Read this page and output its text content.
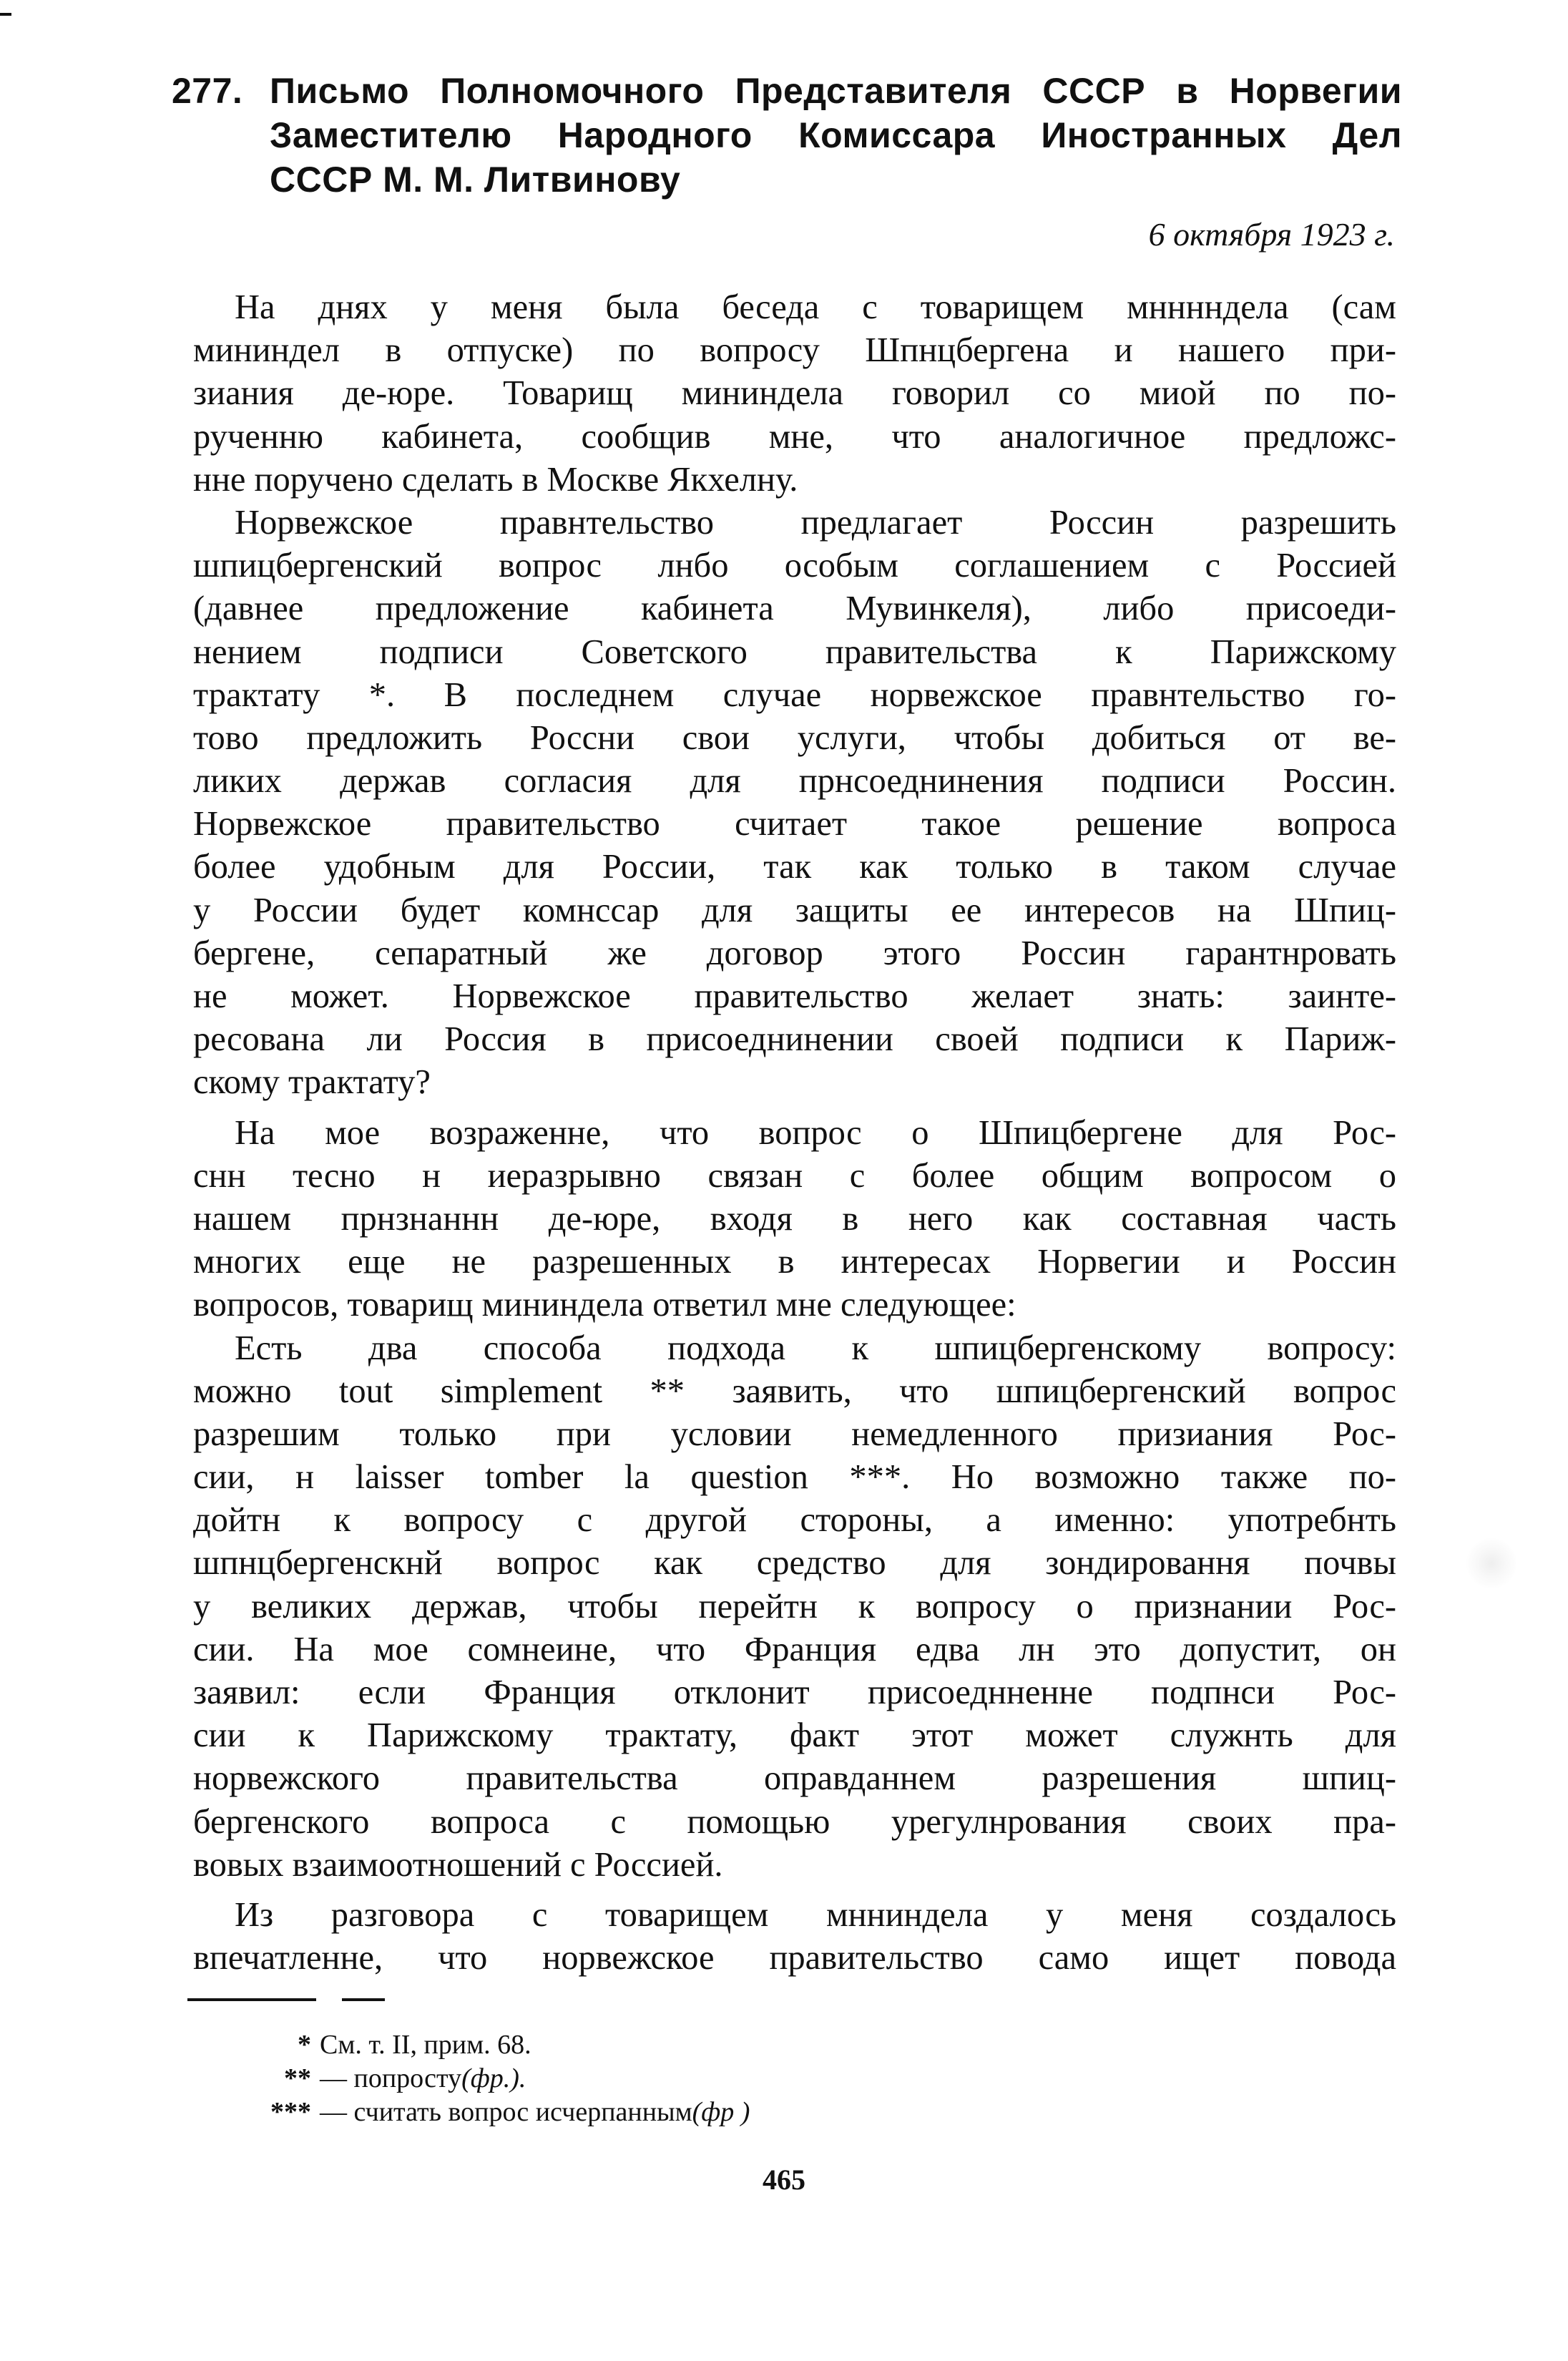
277. Письмо Полномочного Представителя СССР в Норвегии
Заместителю Народного Комиссара Иностранных Дел
СССР М. М. Литвинову
6 октября 1923 г.
На днях у меня была беседа с товарищем мнннндела (сам
мининдел в отпуске) по вопросу Шпнцбергена и нашего при-
зиания де-юре. Товарищ мининдела говорил со миой по по-
рученню кабинета, сообщив мне, что аналогичное предложс-
нне поручено сделать в Москве Якхелну.
Норвежское правнтельство предлагает Россин разрешить
шпицбергенский вопрос лнбо особым соглашением с Россией
(давнее предложение кабинета Мувинкеля), либо присоеди-
нением подписи Советского правительства к Парижскому
трактату *. В последнем случае норвежское правнтельство го-
тово предложить Россни свои услуги, чтобы добиться от ве-
ликих держав согласия для прнсоеднинения подписи Россин.
Норвежское правительство считает такое решение вопроса
более удобным для России, так как только в таком случае
у России будет комнссар для защиты ее интересов на Шпиц-
бергене, сепаратный же договор этого Россин гарантнровать
не может. Норвежское правительство желает знать: заинте-
ресована ли Россия в присоеднинении своей подписи к Париж-
скому трактату?
На мое возраженне, что вопрос о Шпицбергене для Рос-
снн тесно н иеразрывно связан с более общим вопросом о
нашем прнзнаннн де-юре, входя в него как составная часть
многих еще не разрешенных в интересах Норвегии и Россин
вопросов, товарищ мининдела ответил мне следующее:
Есть два способа подхода к шпицбергенскому вопросу:
можно tout simplement ** заявить, что шпицбергенский вопрос
разрешим только при условии немедленного призиания Рос-
сии, н laisser tomber la question ***. Но возможно также по-
дойтн к вопросу с другой стороны, а именно: употребнть
шпнцбергенскнй вопрос как средство для зондировання почвы
у великих держав, чтобы перейтн к вопросу о признании Рос-
сии. На мое сомнеине, что Франция едва лн это допустит, он
заявил: если Франция отклонит присоеднненне подпнси Рос-
сии к Парижскому трактату, факт этот может служнть для
норвежского правительства оправданнем разрешения шпиц-
бергенского вопроса с помощью урегулнрования своих пра-
вовых взаимоотношений с Россией.
Из разговора с товарищем мнниндела у меня создалось
впечатленне, что норвежское правительство само ищет повода
* См. т. II, прим. 68.
** — попросту (фр.).
*** — считать вопрос исчерпанным (фр )
465
